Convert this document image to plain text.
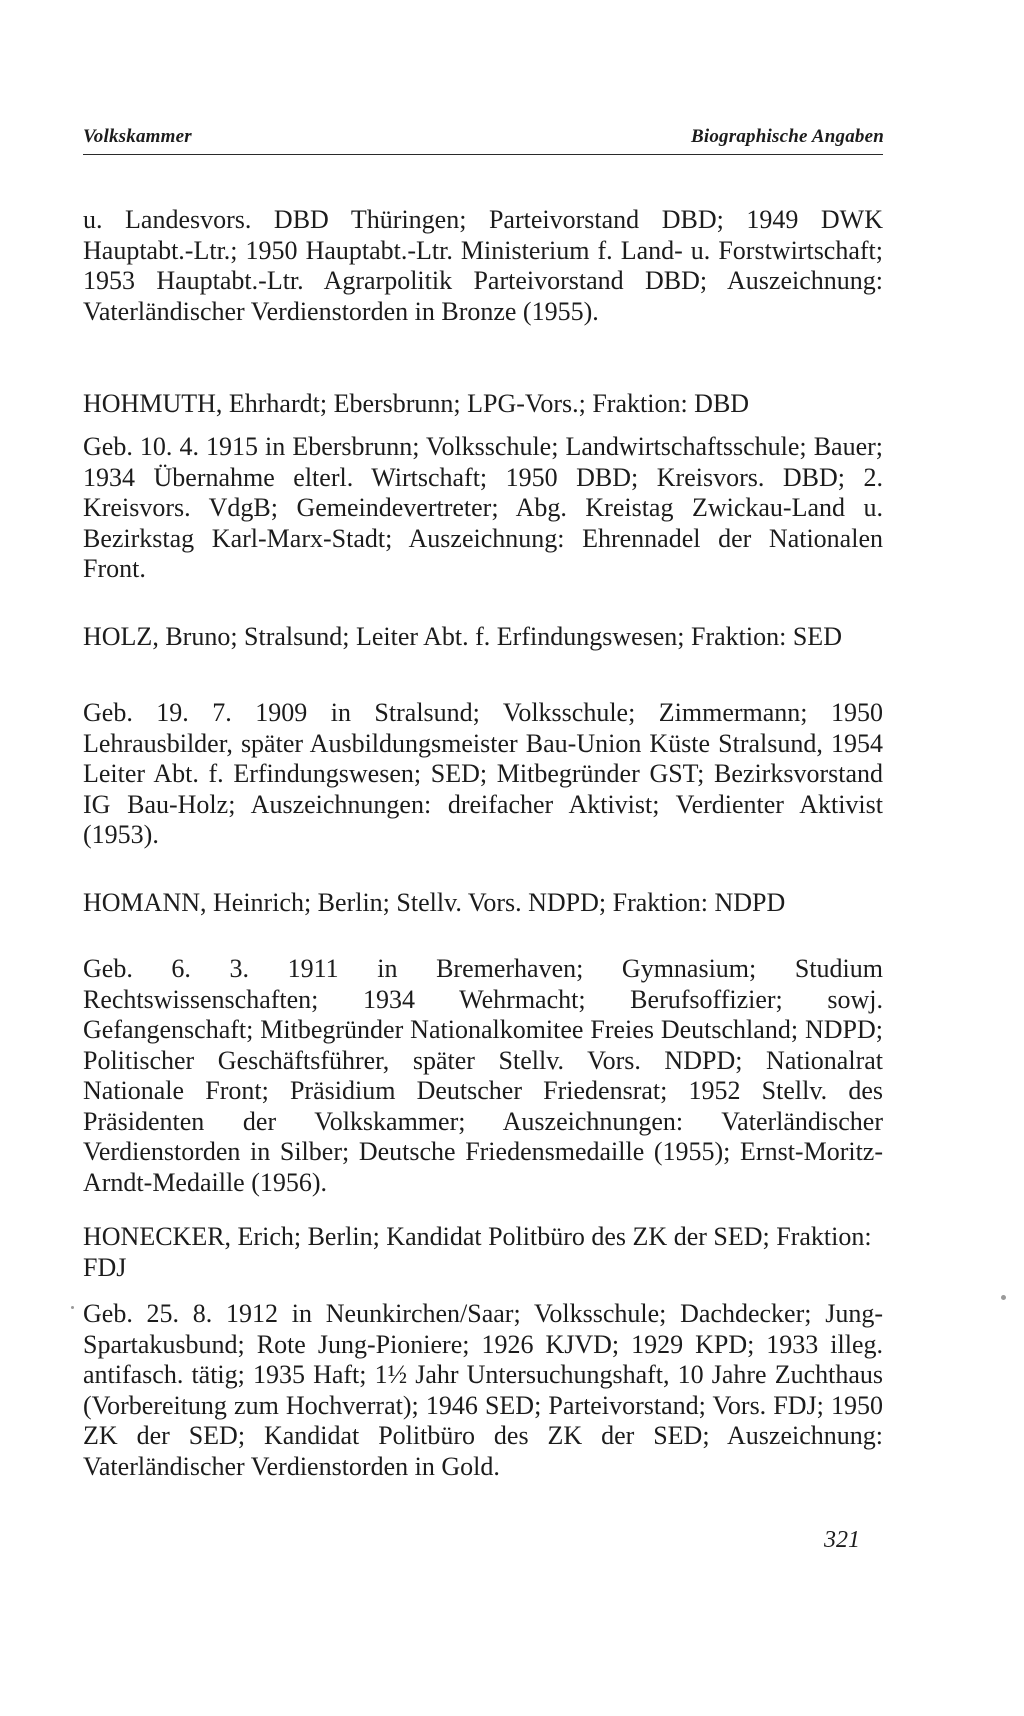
Volkskammer	Biographische Angaben

u. Landesvors. DBD Thüringen; Parteivorstand DBD; 1949 DWK Hauptabt.-Ltr.; 1950 Hauptabt.-Ltr. Ministerium f. Land- u. Forstwirtschaft; 1953 Hauptabt.-Ltr. Agrarpolitik Parteivorstand DBD; Auszeichnung: Vaterländischer Verdienstorden in Bronze (1955).

HOHMUTH, Ehrhardt; Ebersbrunn; LPG-Vors.; Fraktion: DBD

Geb. 10. 4. 1915 in Ebersbrunn; Volksschule; Landwirtschaftsschule; Bauer; 1934 Übernahme elterl. Wirtschaft; 1950 DBD; Kreisvors. DBD; 2. Kreisvors. VdgB; Gemeindevertreter; Abg. Kreistag Zwickau-Land u. Bezirkstag Karl-Marx-Stadt; Auszeichnung: Ehrennadel der Nationalen Front.

HOLZ, Bruno; Stralsund; Leiter Abt. f. Erfindungswesen; Fraktion: SED

Geb. 19. 7. 1909 in Stralsund; Volksschule; Zimmermann; 1950 Lehrausbilder, später Ausbildungsmeister Bau-Union Küste Stralsund, 1954 Leiter Abt. f. Erfindungswesen; SED; Mitbegründer GST; Bezirksvorstand IG Bau-Holz; Auszeichnungen: dreifacher Aktivist; Verdienter Aktivist (1953).

HOMANN, Heinrich; Berlin; Stellv. Vors. NDPD; Fraktion: NDPD

Geb. 6. 3. 1911 in Bremerhaven; Gymnasium; Studium Rechtswissenschaften; 1934 Wehrmacht; Berufsoffizier; sowj. Gefangenschaft; Mitbegründer Nationalkomitee Freies Deutschland; NDPD; Politischer Geschäftsführer, später Stellv. Vors. NDPD; Nationalrat Nationale Front; Präsidium Deutscher Friedensrat; 1952 Stellv. des Präsidenten der Volkskammer; Auszeichnungen: Vaterländischer Verdienstorden in Silber; Deutsche Friedensmedaille (1955); Ernst-Moritz-Arndt-Medaille (1956).

HONECKER, Erich; Berlin; Kandidat Politbüro des ZK der SED; Fraktion: FDJ

Geb. 25. 8. 1912 in Neunkirchen/Saar; Volksschule; Dachdecker; Jung-Spartakusbund; Rote Jung-Pioniere; 1926 KJVD; 1929 KPD; 1933 illeg. antifasch. tätig; 1935 Haft; 1½ Jahr Untersuchungshaft, 10 Jahre Zuchthaus (Vorbereitung zum Hochverrat); 1946 SED; Parteivorstand; Vors. FDJ; 1950 ZK der SED; Kandidat Politbüro des ZK der SED; Auszeichnung: Vaterländischer Verdienstorden in Gold.

321
